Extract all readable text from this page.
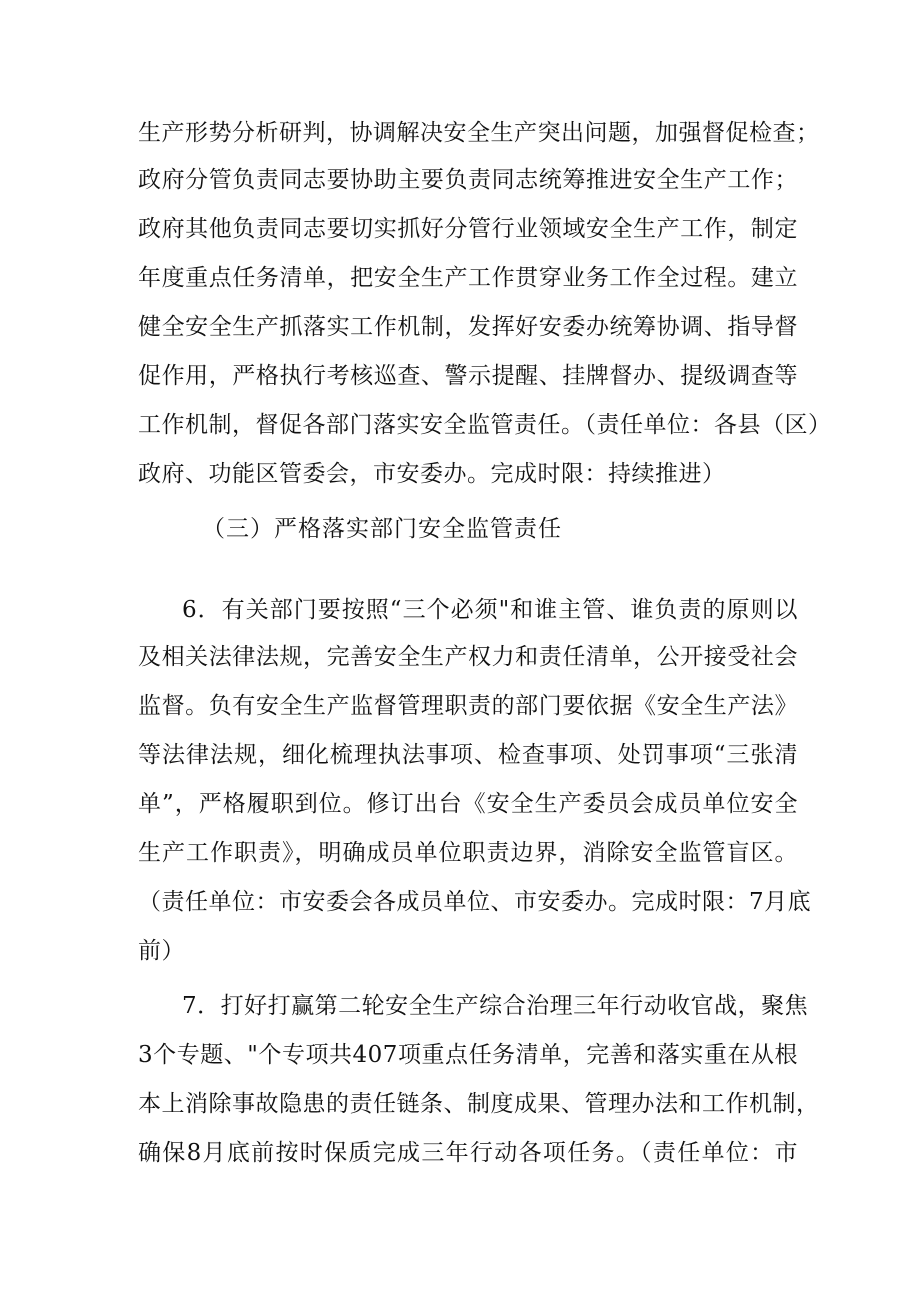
生产形势分析研判，协调解决安全生产突出问题，加强督促检查；
政府分管负责同志要协助主要负责同志统筹推进安全生产工作；
政府其他负责同志要切实抓好分管行业领域安全生产工作，制定
年度重点任务清单，把安全生产工作贯穿业务工作全过程。建立
健全安全生产抓落实工作机制，发挥好安委办统筹协调、指导督
促作用，严格执行考核巡查、警示提醒、挂牌督办、提级调查等
工作机制，督促各部门落实安全监管责任。（责任单位：各县（区）
政府、功能区管委会，市安委办。完成时限：持续推进）
（三）严格落实部门安全监管责任
6．有关部门要按照“三个必须"和谁主管、谁负责的原则以
及相关法律法规，完善安全生产权力和责任清单，公开接受社会
监督。负有安全生产监督管理职责的部门要依据《安全生产法》
等法律法规，细化梳理执法事项、检查事项、处罚事项“三张清
单”，严格履职到位。修订出台《安全生产委员会成员单位安全
生产工作职责》，明确成员单位职责边界，消除安全监管盲区。
（责任单位：市安委会各成员单位、市安委办。完成时限：7月底
前）
7．打好打赢第二轮安全生产综合治理三年行动收官战，聚焦
3个专题、"个专项共407项重点任务清单，完善和落实重在从根
本上消除事故隐患的责任链条、制度成果、管理办法和工作机制，
确保8月底前按时保质完成三年行动各项任务。（责任单位：市
